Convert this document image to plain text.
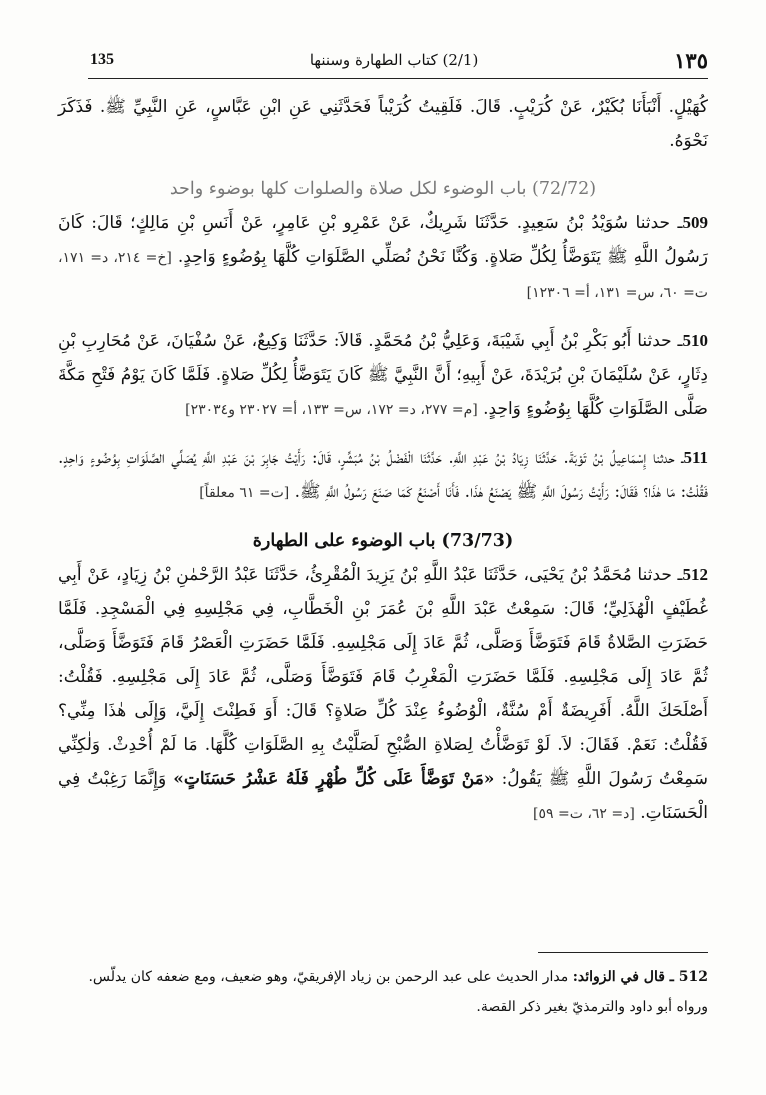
١٣٥
(2/1) كتاب الطهارة وسننها
135

كُهَيْلٍ. أَنْبَأَنَا بُكَيْرٌ، عَنْ كُرَيْبٍ. قَالَ. فَلَقِيتُ كُرَيْباً فَحَدَّثَنِي عَنِ ابْنِ عَبَّاسٍ، عَنِ النَّبِيِّ ﷺ. فَذَكَرَ نَحْوَهُ.

(72/72) باب الوضوء لكل صلاة والصلوات كلها بوضوء واحد

509ـ حدثنا سُوَيْدُ بْنُ سَعِيدٍ. حَدَّثَنَا شَرِيكٌ، عَنْ عَمْرِو بْنِ عَامِرٍ، عَنْ أَنَسِ بْنِ مَالِكٍ؛ قَالَ: كَانَ رَسُولُ اللَّهِ ﷺ يَتَوَضَّأُ لِكُلِّ صَلاةٍ. وَكُنَّا نَحْنُ نُصَلِّي الصَّلَوَاتِ كُلَّهَا بِوُضُوءٍ وَاحِدٍ. [خ= ٢١٤، د= ١٧١، ت= ٦٠، س= ١٣١، أ= ١٢٣٠٦]

510ـ حدثنا أَبُو بَكْرِ بْنُ أَبِي شَيْبَةَ، وَعَلِيُّ بْنُ مُحَمَّدٍ. قَالاَ: حَدَّثَنَا وَكِيعٌ، عَنْ سُفْيَانَ، عَنْ مُحَارِبِ بْنِ دِثَارٍ، عَنْ سُلَيْمَانَ بْنِ بُرَيْدَةَ، عَنْ أَبِيهِ؛ أَنَّ النَّبِيَّ ﷺ كَانَ يَتَوَضَّأُ لِكُلِّ صَلاةٍ. فَلَمَّا كَانَ يَوْمُ فَتْحِ مَكَّةَ صَلَّى الصَّلَوَاتِ كُلَّهَا بِوُضُوءٍ وَاحِدٍ. [م= ٢٧٧، د= ١٧٢، س= ١٣٣، أ= ٢٣٠٢٧ و٢٣٠٣٤]

511ـ حدثنا إِسْمَاعِيلُ بْنُ تَوْبَةَ. حَدَّثَنَا زِيَادُ بْنُ عَبْدِ اللَّهِ. حَدَّثَنَا الْفَضْلُ بْنُ مُبَشِّرٍ، قَالَ: رَأَيْتُ جَابِرَ بْنَ عَبْدِ اللَّهِ يُصَلِّي الصَّلَوَاتِ بِوُضُوءٍ وَاحِدٍ. فَقُلْتُ: مَا هٰذَا؟ فَقَالَ: رَأَيْتُ رَسُولَ اللَّهِ ﷺ يَصْنَعُ هٰذَا. فَأَنَا أَصْنَعُ كَمَا صَنَعَ رَسُولُ اللَّهِ ﷺ. [ت= ٦١ معلقاً]

(73/73) باب الوضوء على الطهارة

512ـ حدثنا مُحَمَّدُ بْنُ يَحْيَى، حَدَّثَنَا عَبْدُ اللَّهِ بْنُ يَزِيدَ الْمُقْرِئُ، حَدَّثَنَا عَبْدُ الرَّحْمٰنِ بْنُ زِيَادٍ، عَنْ أَبِي غُطَيْفٍ الْهُذَلِيِّ؛ قَالَ: سَمِعْتُ عَبْدَ اللَّهِ بْنَ عُمَرَ بْنِ الْخَطَّابِ، فِي مَجْلِسِهِ فِي الْمَسْجِدِ. فَلَمَّا حَضَرَتِ الصَّلاةُ قَامَ فَتَوَضَّأَ وَصَلَّى، ثُمَّ عَادَ إِلَى مَجْلِسِهِ. فَلَمَّا حَضَرَتِ الْعَصْرُ قَامَ فَتَوَضَّأَ وَصَلَّى، ثُمَّ عَادَ إِلَى مَجْلِسِهِ. فَلَمَّا حَضَرَتِ الْمَغْرِبُ قَامَ فَتَوَضَّأَ وَصَلَّى، ثُمَّ عَادَ إِلَى مَجْلِسِهِ. فَقُلْتُ: أَصْلَحَكَ اللَّهُ. أَفَرِيضَةٌ أَمْ سُنَّةٌ، الْوُضُوءُ عِنْدَ كُلِّ صَلاةٍ؟ قَالَ: أَوَ فَطِنْتَ إِلَيَّ، وَإِلَى هٰذَا مِنِّي؟ فَقُلْتُ: نَعَمْ. فَقَالَ: لاَ. لَوْ تَوَضَّأْتُ لِصَلاةِ الصُّبْحِ لَصَلَّيْتُ بِهِ الصَّلَوَاتِ كُلَّهَا. مَا لَمْ أُحْدِثْ. وَلٰكِنِّي سَمِعْتُ رَسُولَ اللَّهِ ﷺ يَقُولُ: «مَنْ تَوَضَّأَ عَلَى كُلِّ طُهْرٍ فَلَهُ عَشْرُ حَسَنَاتٍ» وَإِنَّمَا رَغِبْتُ فِي الْحَسَنَاتِ. [د= ٦٢، ت= ٥٩]

512 ـ قال في الزوائد: مدار الحديث على عبد الرحمن بن زياد الإفريقيّ، وهو ضعيف، ومع ضعفه كان يدلّس. ورواه أبو داود والترمذيّ بغير ذكر القصة.
